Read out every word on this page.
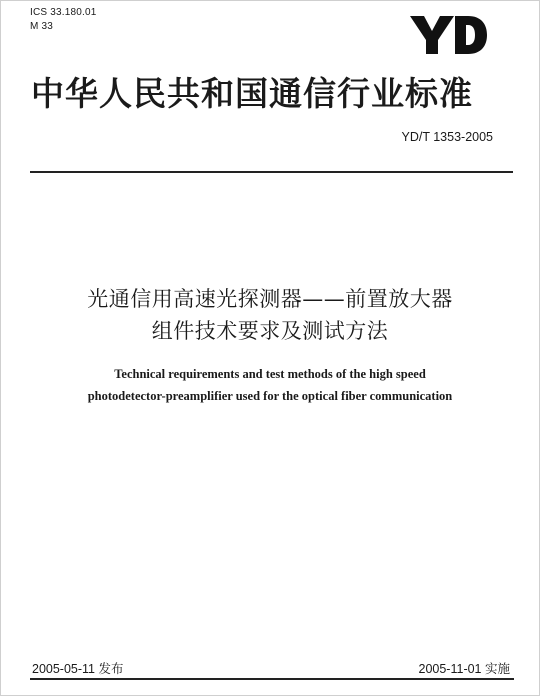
ICS 33.180.01
M 33
中华人民共和国通信行业标准
YD/T 1353-2005
光通信用高速光探测器——前置放大器
组件技术要求及测试方法
Technical requirements and test methods of the high speed
photodetector-preamplifier used for the optical fiber communication
2005-05-11 发布	2005-11-01 实施
